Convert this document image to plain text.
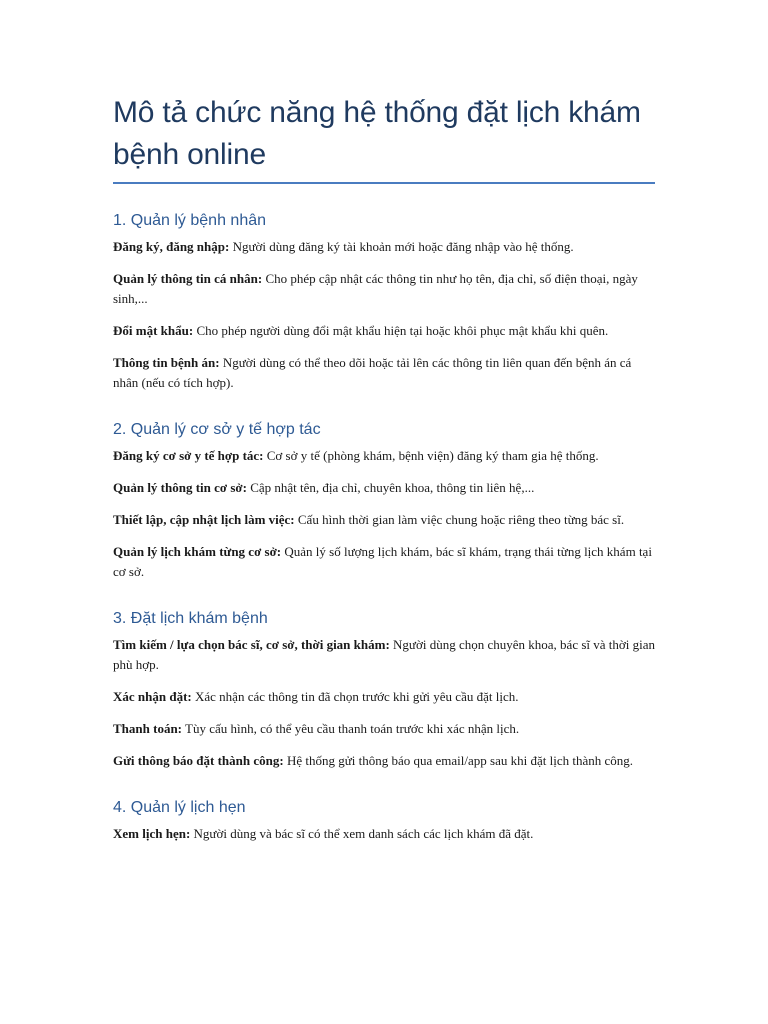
Mô tả chức năng hệ thống đặt lịch khám bệnh online
1. Quản lý bệnh nhân

Đăng ký, đăng nhập: Người dùng đăng ký tài khoản mới hoặc đăng nhập vào hệ thống.

Quản lý thông tin cá nhân: Cho phép cập nhật các thông tin như họ tên, địa chỉ, số điện thoại, ngày sinh,...

Đổi mật khẩu: Cho phép người dùng đổi mật khẩu hiện tại hoặc khôi phục mật khẩu khi quên.

Thông tin bệnh án: Người dùng có thể theo dõi hoặc tải lên các thông tin liên quan đến bệnh án cá nhân (nếu có tích hợp).

2. Quản lý cơ sở y tế hợp tác

Đăng ký cơ sở y tế hợp tác: Cơ sở y tế (phòng khám, bệnh viện) đăng ký tham gia hệ thống.

Quản lý thông tin cơ sở: Cập nhật tên, địa chỉ, chuyên khoa, thông tin liên hệ,...

Thiết lập, cập nhật lịch làm việc: Cấu hình thời gian làm việc chung hoặc riêng theo từng bác sĩ.

Quản lý lịch khám từng cơ sở: Quản lý số lượng lịch khám, bác sĩ khám, trạng thái từng lịch khám tại cơ sở.

3. Đặt lịch khám bệnh

Tìm kiếm / lựa chọn bác sĩ, cơ sở, thời gian khám: Người dùng chọn chuyên khoa, bác sĩ và thời gian phù hợp.

Xác nhận đặt: Xác nhận các thông tin đã chọn trước khi gửi yêu cầu đặt lịch.

Thanh toán: Tùy cấu hình, có thể yêu cầu thanh toán trước khi xác nhận lịch.

Gửi thông báo đặt thành công: Hệ thống gửi thông báo qua email/app sau khi đặt lịch thành công.

4. Quản lý lịch hẹn

Xem lịch hẹn: Người dùng và bác sĩ có thể xem danh sách các lịch khám đã đặt.
